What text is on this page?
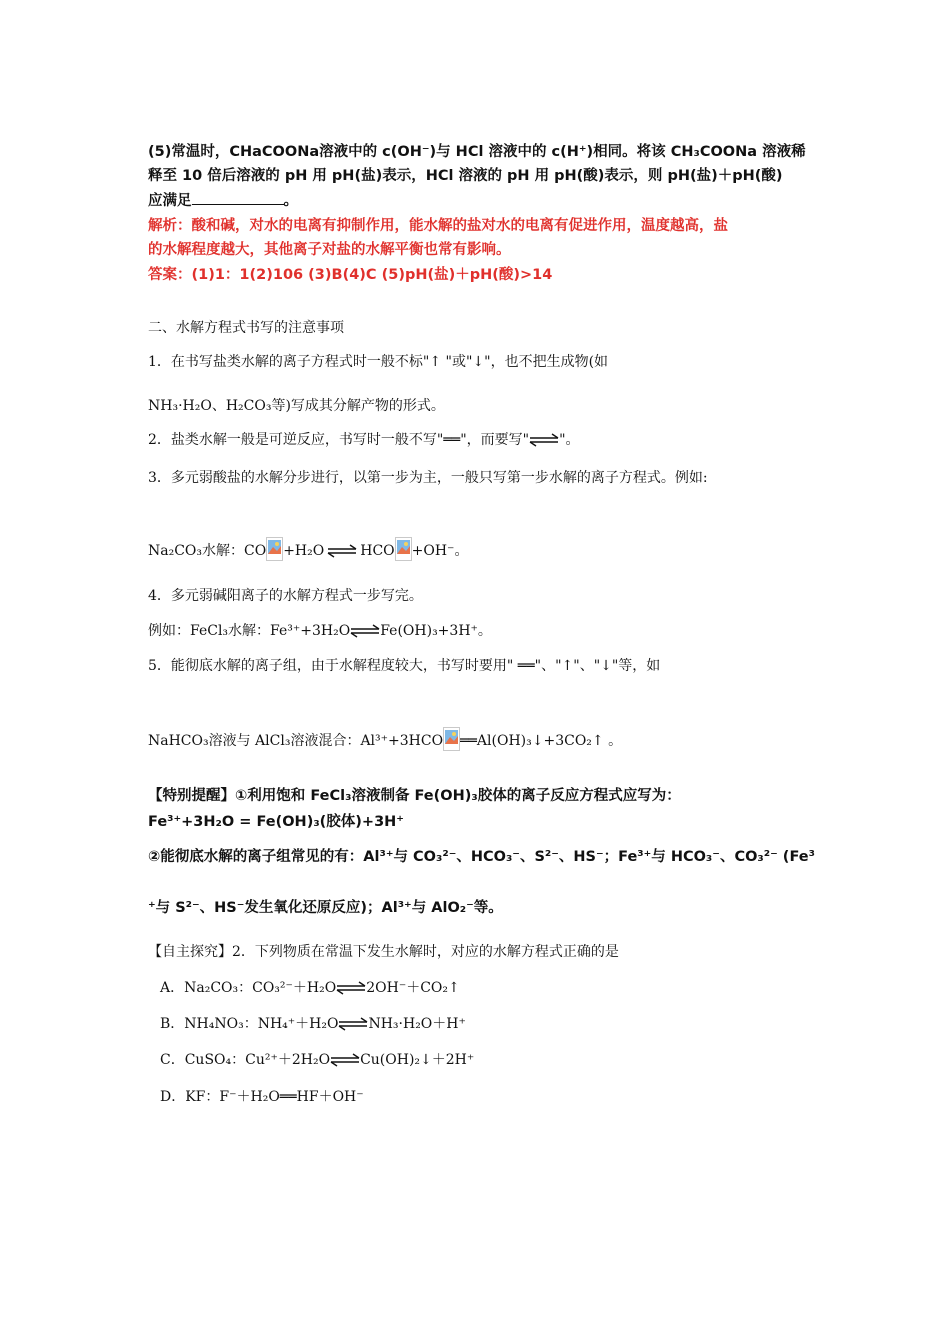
(5)常温时，CHaCOONa溶液中的 c(OH⁻)与 HCl 溶液中的 c(H⁺)相同。将该 CH₃COONa 溶液稀
释至 10 倍后溶液的 pH 用 pH(盐)表示，HCl 溶液的 pH 用 pH(酸)表示，则 pH(盐)＋pH(酸)
应满足	。
解析：酸和碱，对水的电离有抑制作用，能水解的盐对水的电离有促进作用，温度越高，盐
的水解程度越大，其他离子对盐的水解平衡也常有影响。
答案：(1)1：1(2)106 (3)B(4)C (5)pH(盐)＋pH(酸)>14
二、水解方程式书写的注意事项
1．在书写盐类水解的离子方程式时一般不标"↑ "或"↓"，也不把生成物(如
NH₃·H₂O、H₂CO₃等)写成其分解产物的形式。
2．盐类水解一般是可逆反应，书写时一般不写"══"，而要写" "。
3．多元弱酸盐的水解分步进行，以第一步为主，一般只写第一步水解的离子方程式。例如:
Na₂CO₃水解：CO +H₂O	HCO +OH⁻。
4．多元弱碱阳离子的水解方程式一步写完。
例如：FeCl₃水解：Fe³⁺+3H₂O Fe(OH)₃+3H⁺。
5．能彻底水解的离子组，由于水解程度较大，书写时要用" ══"、"↑"、"↓"等，如
NaHCO₃溶液与 AlCl₃溶液混合：Al³⁺+3HCO ══Al(OH)₃↓+3CO₂↑ 。
【特别提醒】①利用饱和 FeCl₃溶液制备 Fe(OH)₃胶体的离子反应方程式应写为：
Fe³⁺+3H₂O = Fe(OH)₃(胶体)+3H⁺
②能彻底水解的离子组常见的有：Al³⁺与 CO₃²⁻、HCO₃⁻、S²⁻、HS⁻；Fe³⁺与 HCO₃⁻、CO₃²⁻ (Fe³
⁺与 S²⁻、HS⁻发生氧化还原反应)；Al³⁺与 AlO₂⁻等。
【自主探究】2．下列物质在常温下发生水解时，对应的水解方程式正确的是
A．Na₂CO₃：CO₃²⁻＋H₂O 2OH⁻＋CO₂↑
B．NH₄NO₃：NH₄⁺＋H₂O NH₃·H₂O＋H⁺
C．CuSO₄：Cu²⁺＋2H₂O Cu(OH)₂↓＋2H⁺
D．KF：F⁻＋H₂O══HF＋OH⁻
